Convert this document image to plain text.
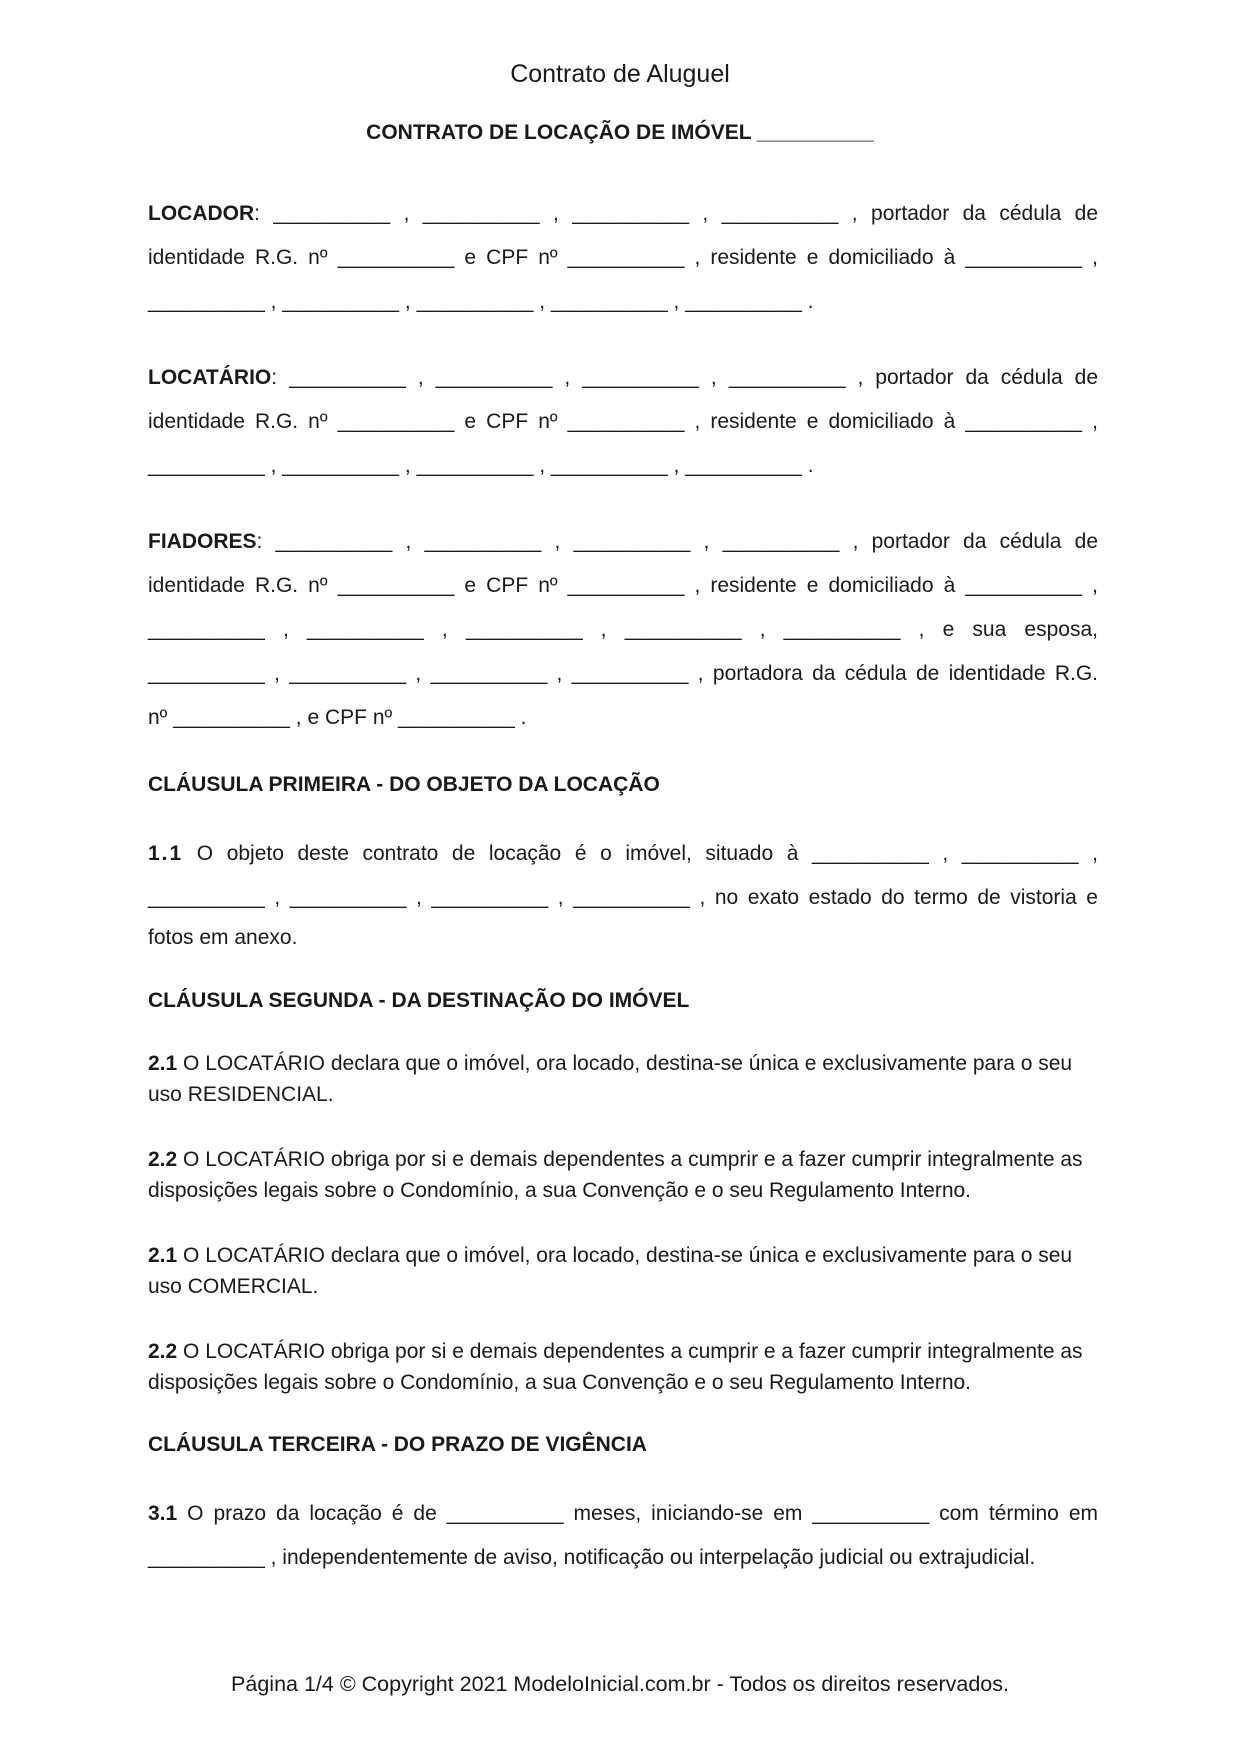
Contrato de Aluguel
CONTRATO DE LOCAÇÃO DE IMÓVEL __________

LOCADOR: __________ , __________ , __________ , __________ , portador da cédula de

identidade R.G. nº __________ e CPF nº __________ , residente e domiciliado à __________ ,

__________ , __________ , __________ , __________ , __________ .

LOCATÁRIO: __________ , __________ , __________ , __________ , portador da cédula de

identidade R.G. nº __________ e CPF nº __________ , residente e domiciliado à __________ ,

__________ , __________ , __________ , __________ , __________ .

FIADORES: __________ , __________ , __________ , __________ , portador da cédula de

identidade R.G. nº __________ e CPF nº __________ , residente e domiciliado à __________ ,

__________ , __________ , __________ , __________ , __________ , e sua esposa,

__________ , __________ , __________ , __________ , portadora da cédula de identidade R.G.

nº __________ , e CPF nº __________ .

CLÁUSULA PRIMEIRA - DO OBJETO DA LOCAÇÃO

1.1 O objeto deste contrato de locação é o imóvel, situado à __________ , __________ ,

__________ , __________ , __________ , __________ , no exato estado do termo de vistoria e

fotos em anexo.

CLÁUSULA SEGUNDA - DA DESTINAÇÃO DO IMÓVEL

2.1 O LOCATÁRIO declara que o imóvel, ora locado, destina-se única e exclusivamente para o seu uso RESIDENCIAL.

2.2 O LOCATÁRIO obriga por si e demais dependentes a cumprir e a fazer cumprir integralmente as disposições legais sobre o Condomínio, a sua Convenção e o seu Regulamento Interno.

2.1 O LOCATÁRIO declara que o imóvel, ora locado, destina-se única e exclusivamente para o seu uso COMERCIAL.

2.2 O LOCATÁRIO obriga por si e demais dependentes a cumprir e a fazer cumprir integralmente as disposições legais sobre o Condomínio, a sua Convenção e o seu Regulamento Interno.

CLÁUSULA TERCEIRA - DO PRAZO DE VIGÊNCIA

3.1 O prazo da locação é de __________ meses, iniciando-se em __________ com término em

__________ , independentemente de aviso, notificação ou interpelação judicial ou extrajudicial.

Página 1/4 © Copyright 2021 ModeloInicial.com.br - Todos os direitos reservados.
